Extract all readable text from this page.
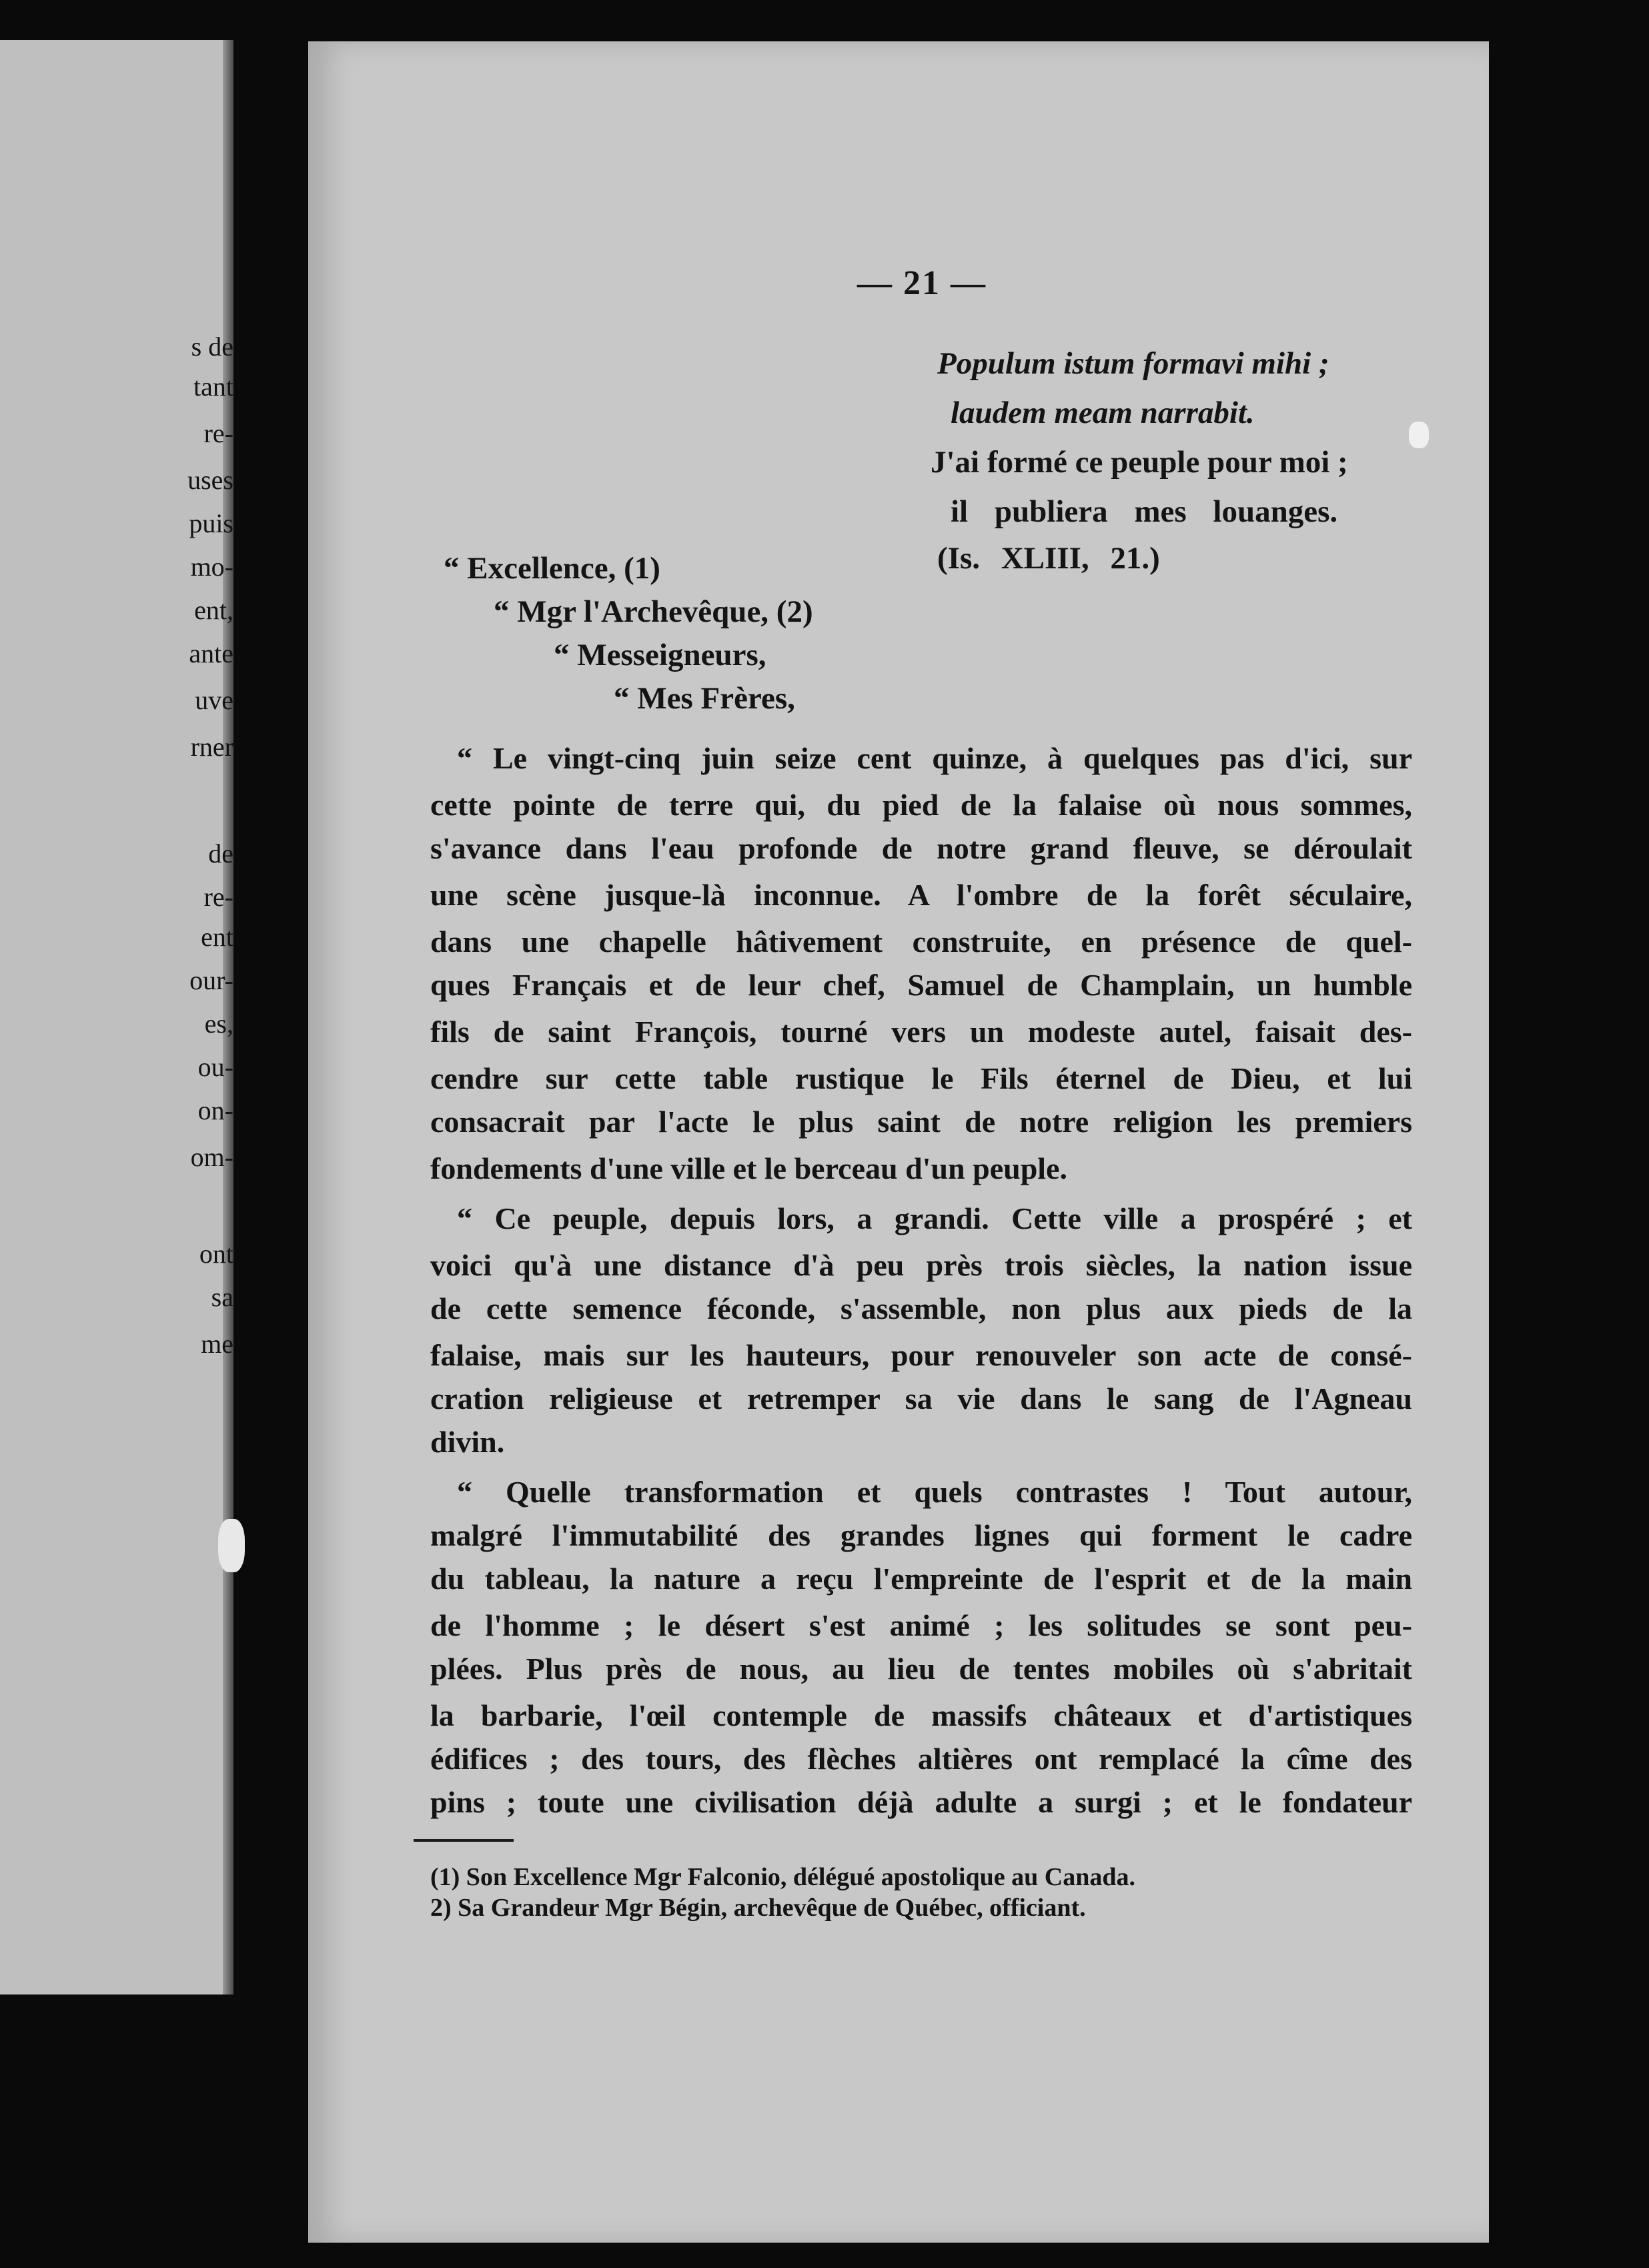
s de
tant
re-
uses
puis
mo-
ent,
ante
uve
rner
de
re-
ent
our-
es,
ou-
on-
om-
ont
sa
me
— 21 —
Populum istum formavi mihi ;
laudem meam narrabit.
J'ai formé ce peuple pour moi ;
il publiera mes louanges.
(Is. XLIII, 21.)
“ Excellence, (1)
“ Mgr l'Archevêque, (2)
“ Messeigneurs,
“ Mes Frères,
“ Le vingt-cinq juin seize cent quinze, à quelques pas d'ici, sur
cette pointe de terre qui, du pied de la falaise où nous sommes,
s'avance dans l'eau profonde de notre grand fleuve, se déroulait
une scène jusque-là inconnue. A l'ombre de la forêt séculaire,
dans une chapelle hâtivement construite, en présence de quel-
ques Français et de leur chef, Samuel de Champlain, un humble
fils de saint François, tourné vers un modeste autel, faisait des-
cendre sur cette table rustique le Fils éternel de Dieu, et lui
consacrait par l'acte le plus saint de notre religion les premiers
fondements d'une ville et le berceau d'un peuple.
“ Ce peuple, depuis lors, a grandi. Cette ville a prospéré ; et
voici qu'à une distance d'à peu près trois siècles, la nation issue
de cette semence féconde, s'assemble, non plus aux pieds de la
falaise, mais sur les hauteurs, pour renouveler son acte de consé-
cration religieuse et retremper sa vie dans le sang de l'Agneau
divin.
“ Quelle transformation et quels contrastes ! Tout autour,
malgré l'immutabilité des grandes lignes qui forment le cadre
du tableau, la nature a reçu l'empreinte de l'esprit et de la main
de l'homme ; le désert s'est animé ; les solitudes se sont peu-
plées. Plus près de nous, au lieu de tentes mobiles où s'abritait
la barbarie, l'œil contemple de massifs châteaux et d'artistiques
édifices ; des tours, des flèches altières ont remplacé la cîme des
pins ; toute une civilisation déjà adulte a surgi ; et le fondateur
(1) Son Excellence Mgr Falconio, délégué apostolique au Canada.
2) Sa Grandeur Mgr Bégin, archevêque de Québec, officiant.
